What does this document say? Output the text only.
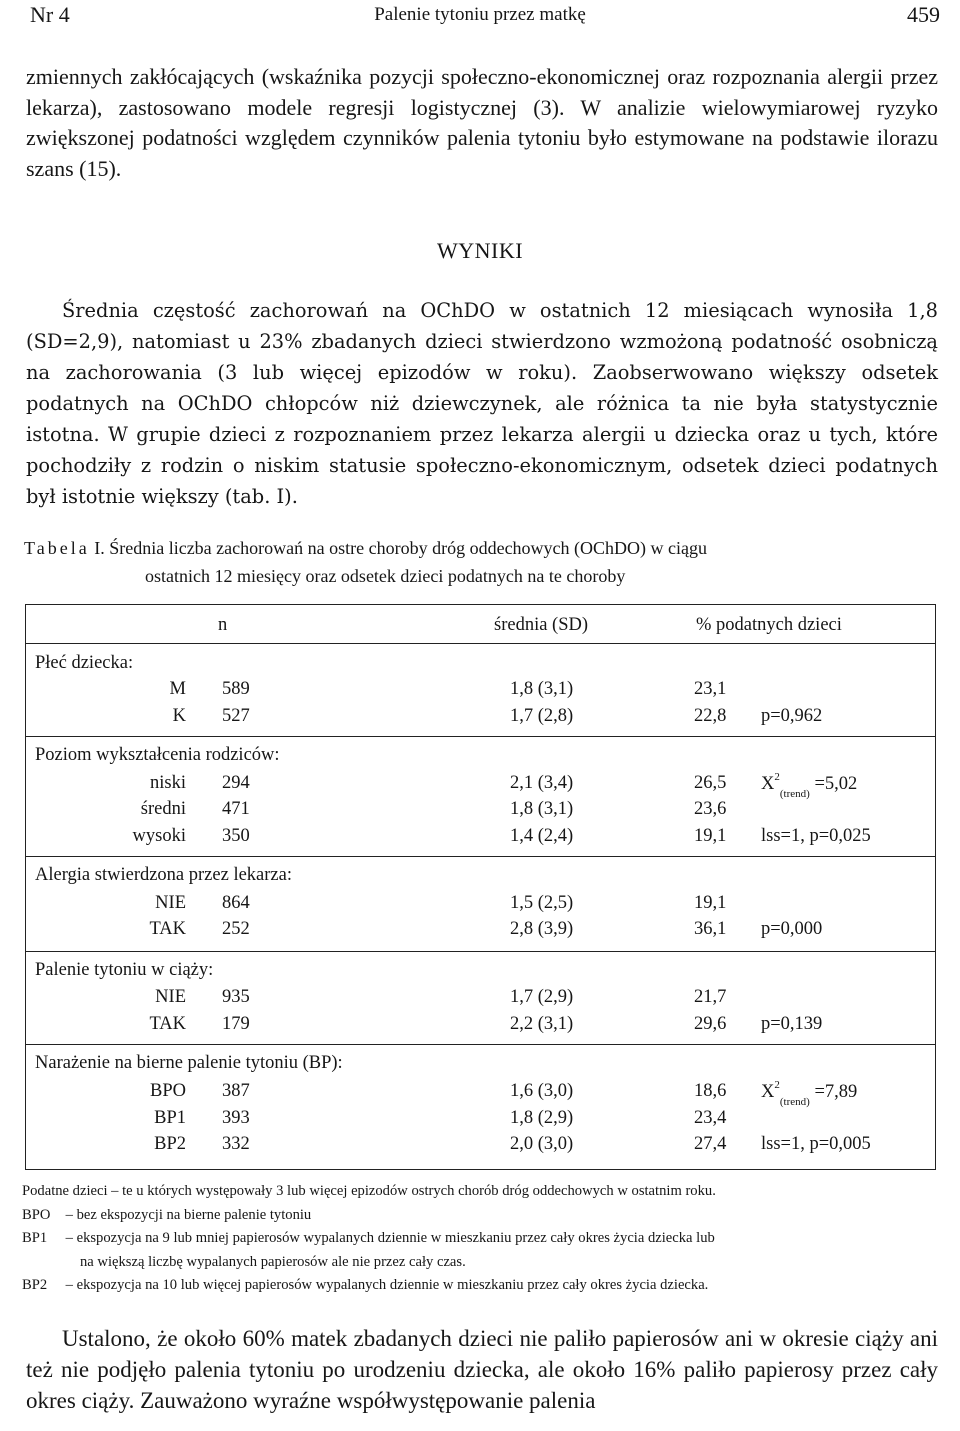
Nr 4	Palenie tytoniu przez matkę	459
zmiennych zakłócających (wskaźnika pozycji społeczno-ekonomicznej oraz rozpoznania alergii przez lekarza), zastosowano modele regresji logistycznej (3). W analizie wielowymiarowej ryzyko zwiększonej podatności względem czynników palenia tytoniu było estymowane na podstawie ilorazu szans (15).
WYNIKI
Średnia częstość zachorowań na OChDO w ostatnich 12 miesiącach wynosiła 1,8 (SD=2,9), natomiast u 23% zbadanych dzieci stwierdzono wzmożoną podatność osobniczą na zachorowania (3 lub więcej epizodów w roku). Zaobserwowano większy odsetek podatnych na OChDO chłopców niż dziewczynek, ale różnica ta nie była statystycznie istotna. W grupie dzieci z rozpoznaniem przez lekarza alergii u dziecka oraz u tych, które pochodziły z rodzin o niskim statusie społeczno-ekonomicznym, odsetek dzieci podatnych był istotnie większy (tab. I).
Tabela I. Średnia liczba zachorowań na ostre choroby dróg oddechowych (OChDO) w ciągu
ostatnich 12 miesięcy oraz odsetek dzieci podatnych na te choroby
n	średnia (SD)	% podatnych dzieci
Płeć dziecka:
M 589	1,8 (3,1)	23,1
K 527	1,7 (2,8)	22,8 p=0,962
Poziom wykształcenia rodziców:
niski 294	2,1 (3,4)	26,5 $X^2_{(trend)} =5,02$
średni 471	1,8 (3,1)	23,6
wysoki 350	1,4 (2,4)	19,1 lss=1, p=0,025
Alergia stwierdzona przez lekarza:
NIE 864	1,5 (2,5)	19,1
TAK 252	2,8 (3,9)	36,1 p=0,000
Palenie tytoniu w ciąży:
NIE 935	1,7 (2,9)	21,7
TAK 179	2,2 (3,1)	29,6 p=0,139
Narażenie na bierne palenie tytoniu (BP):
BPO 387	1,6 (3,0)	18,6 $X^2_{(trend)} =7,89$
BP1 393	1,8 (2,9)	23,4
BP2 332	2,0 (3,0)	27,4 lss=1, p=0,005
Podatne dzieci – te u których występowały 3 lub więcej epizodów ostrych chorób dróg oddechowych w ostatnim roku.
BPO – bez ekspozycji na bierne palenie tytoniu
BP1 – ekspozycja na 9 lub mniej papierosów wypalanych dziennie w mieszkaniu przez cały okres życia dziecka lub
na większą liczbę wypalanych papierosów ale nie przez cały czas.
BP2 – ekspozycja na 10 lub więcej papierosów wypalanych dziennie w mieszkaniu przez cały okres życia dziecka.
Ustalono, że około 60% matek zbadanych dzieci nie paliło papierosów ani w okresie ciąży ani też nie podjęło palenia tytoniu po urodzeniu dziecka, ale około 16% paliło papierosy przez cały okres ciąży. Zauważono wyraźne współwystępowanie palenia
